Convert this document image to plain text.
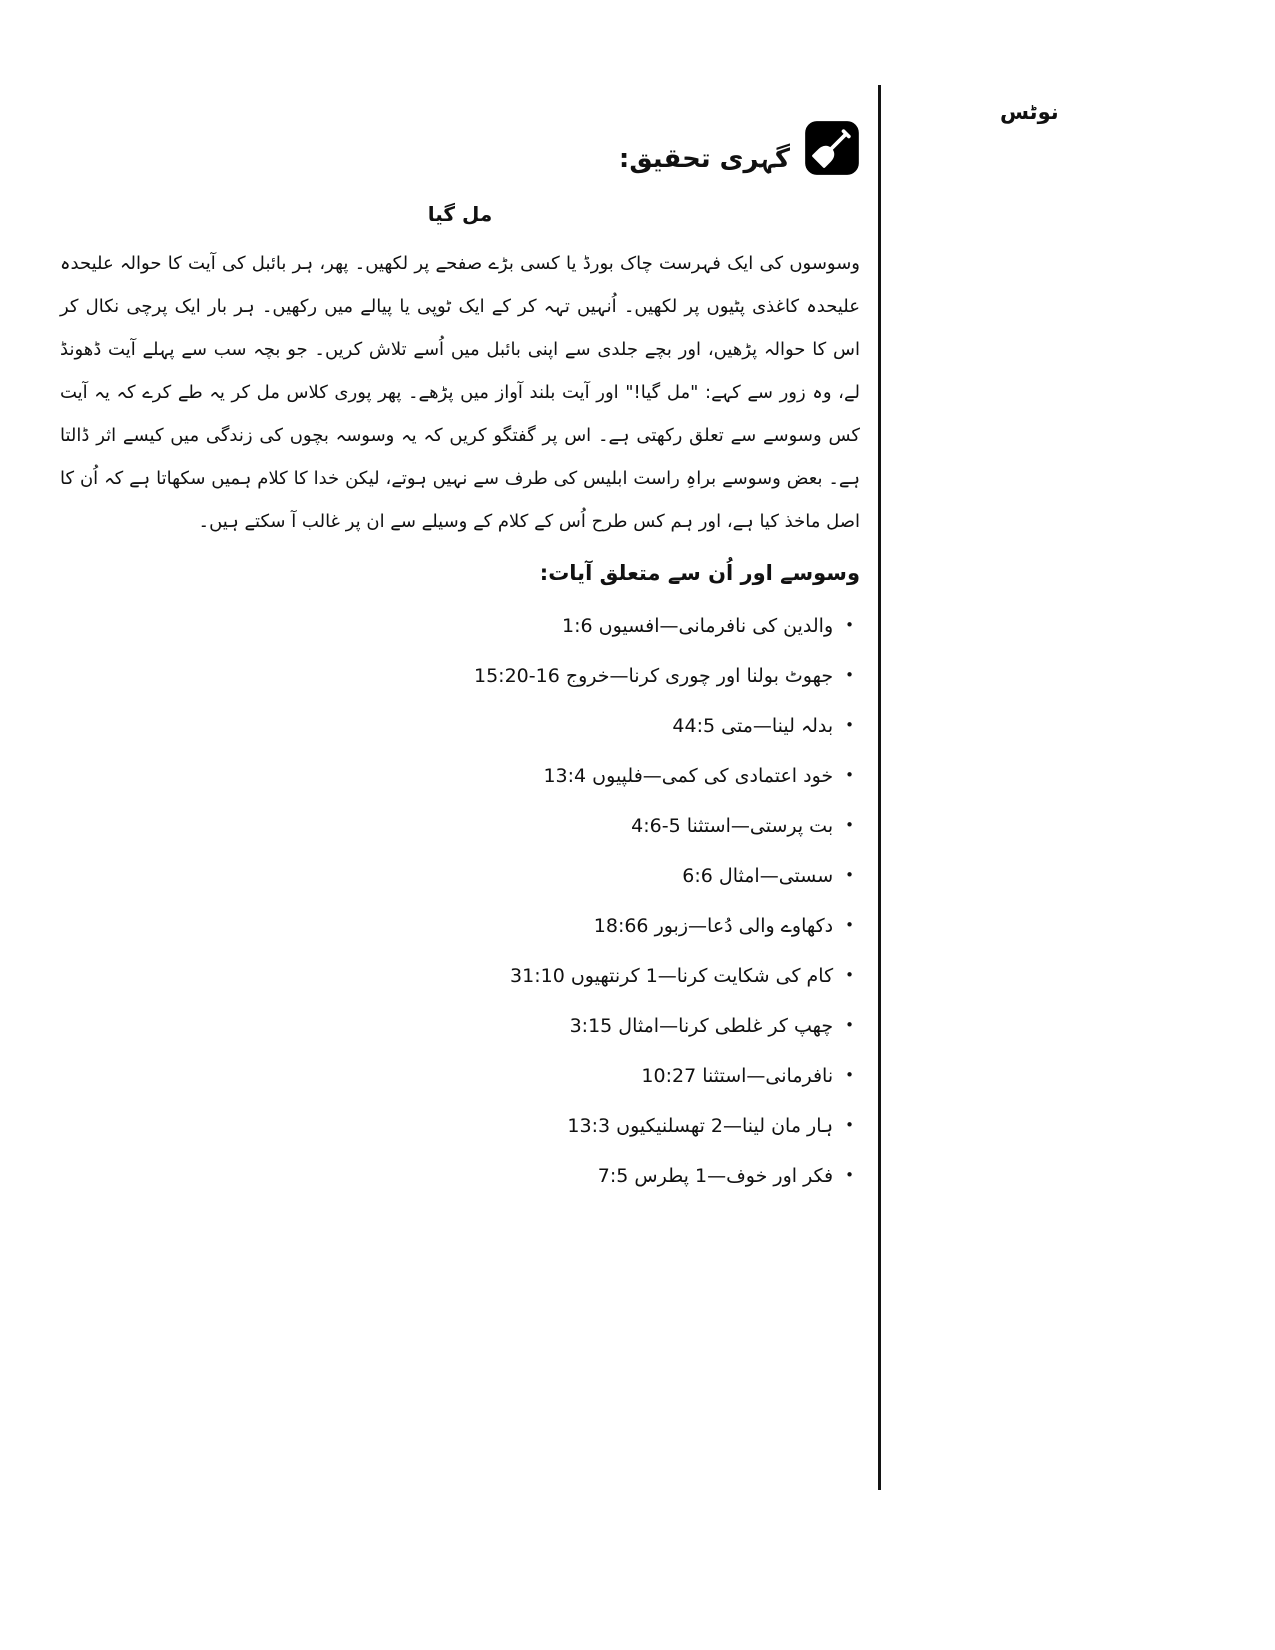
نوٹس
گہری تحقیق:
مل گیا
وسوسوں کی ایک فہرست چاک بورڈ یا کسی بڑے صفحے پر لکھیں۔ پھر، ہر بائبل کی آیت کا حوالہ علیحدہ علیحدہ کاغذی پٹیوں پر لکھیں۔ اُنہیں تہہ کر کے ایک ٹوپی یا پیالے میں رکھیں۔ ہر بار ایک پرچی نکال کر اس کا حوالہ پڑھیں، اور بچے جلدی سے اپنی بائبل میں اُسے تلاش کریں۔ جو بچہ سب سے پہلے آیت ڈھونڈ لے، وہ زور سے کہے: "مل گیا!" اور آیت بلند آواز میں پڑھے۔ پھر پوری کلاس مل کر یہ طے کرے کہ یہ آیت کس وسوسے سے تعلق رکھتی ہے۔ اس پر گفتگو کریں کہ یہ وسوسہ بچوں کی زندگی میں کیسے اثر ڈالتا ہے۔ بعض وسوسے براہِ راست ابلیس کی طرف سے نہیں ہوتے، لیکن خدا کا کلام ہمیں سکھاتا ہے کہ اُن کا اصل ماخذ کیا ہے، اور ہم کس طرح اُس کے کلام کے وسیلے سے ان پر غالب آ سکتے ہیں۔
وسوسے اور اُن سے متعلق آیات:
•والدین کی نافرمانی—افسیوں 1:6
•جھوٹ بولنا اور چوری کرنا—خروج 16-15:20
•بدلہ لینا—متی 44:5
•خود اعتمادی کی کمی—فلپیوں 13:4
•بت پرستی—استثنا 5-4:6
•سستی—امثال 6:6
•دکھاوے والی دُعا—زبور 18:66
•کام کی شکایت کرنا—1 کرنتھیوں 31:10
•چھپ کر غلطی کرنا—امثال 3:15
•نافرمانی—استثنا 10:27
•ہار مان لینا—2 تھسلنیکیوں 13:3
•فکر اور خوف—1 پطرس 7:5
